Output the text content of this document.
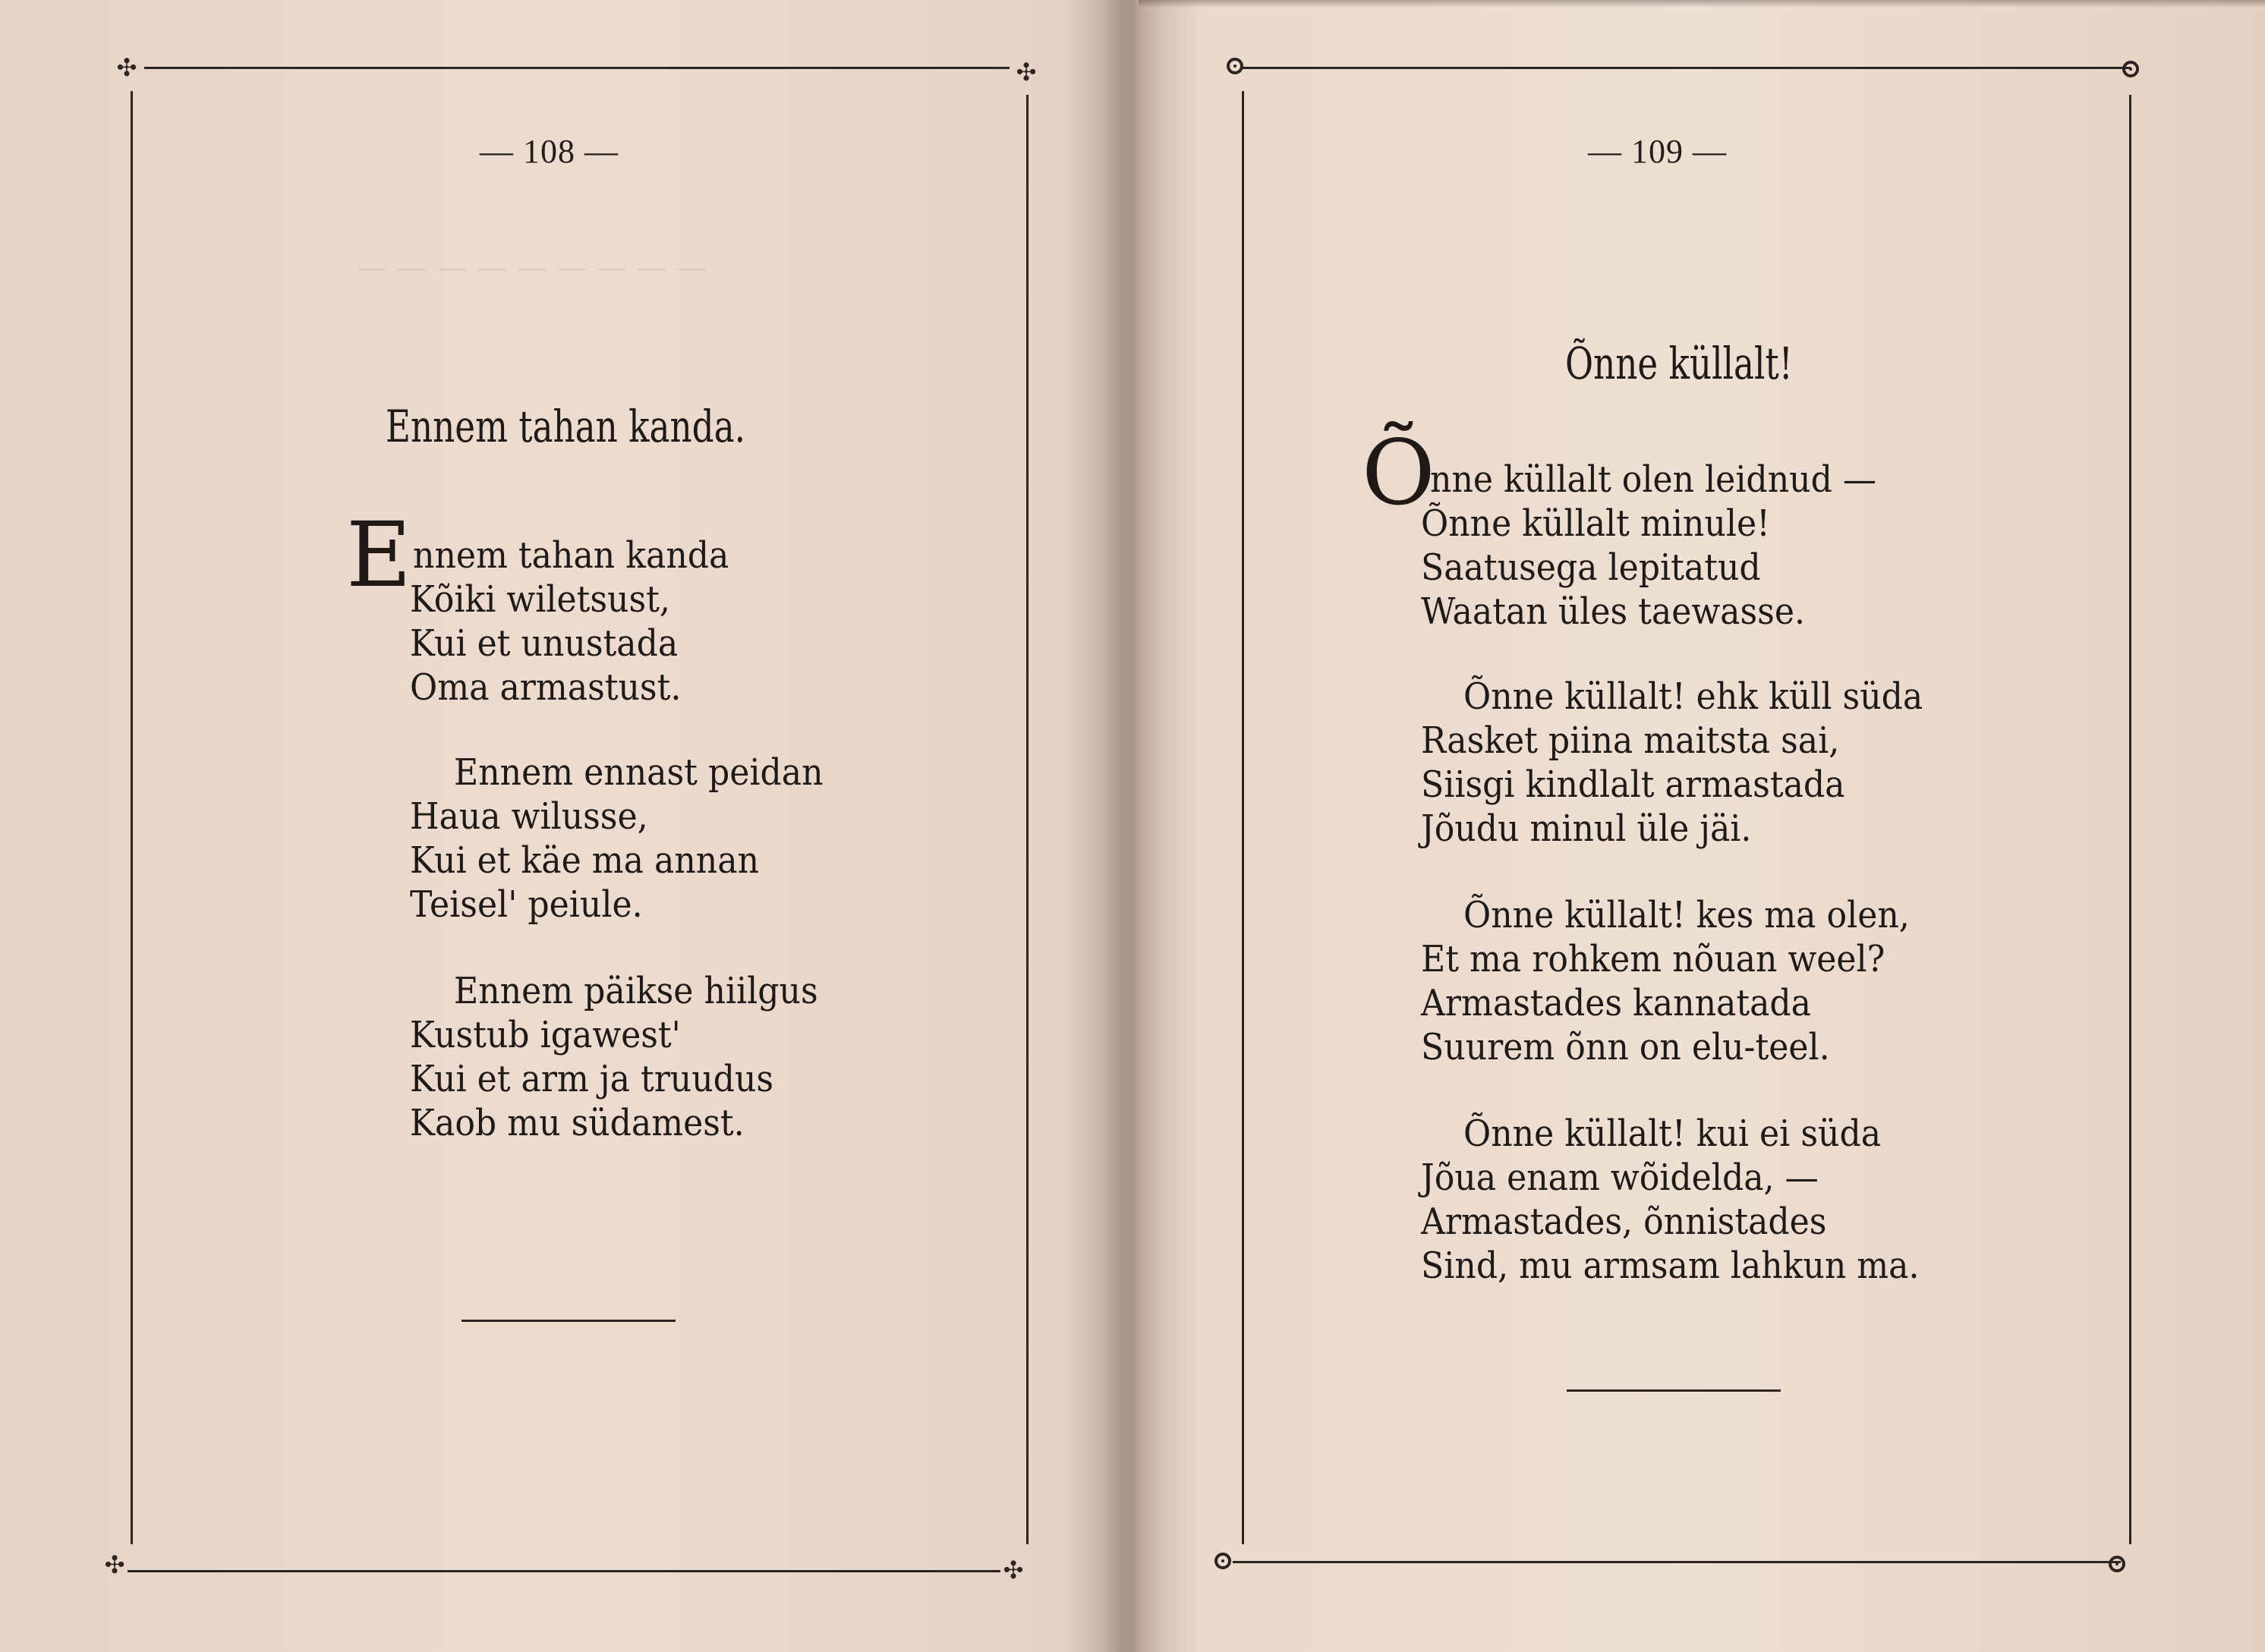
— — — — — — — — —
✣	✣
✣	✣
— 108 —
Ennem tahan kanda.
E nnem tahan kanda
Kõiki wiletsust,
Kui et unustada
Oma armastust.
Ennem ennast peidan
Haua wilusse,
Kui et käe ma annan
Teisel' peiule.
Ennem päikse hiilgus
Kustub igawest'
Kui et arm ja truudus
Kaob mu südamest.
— 109 —
Õnne küllalt!
Õ
nne küllalt olen leidnud —
Õnne küllalt minule!
Saatusega lepitatud
Waatan üles taewasse.
Õnne küllalt! ehk küll süda
Rasket piina maitsta sai,
Siisgi kindlalt armastada
Jõudu minul üle jäi.
Õnne küllalt! kes ma olen,
Et ma rohkem nõuan weel?
Armastades kannatada
Suurem õnn on elu-teel.
Õnne küllalt! kui ei süda
Jõua enam wõidelda, —
Armastades, õnnistades
Sind, mu armsam lahkun ma.
